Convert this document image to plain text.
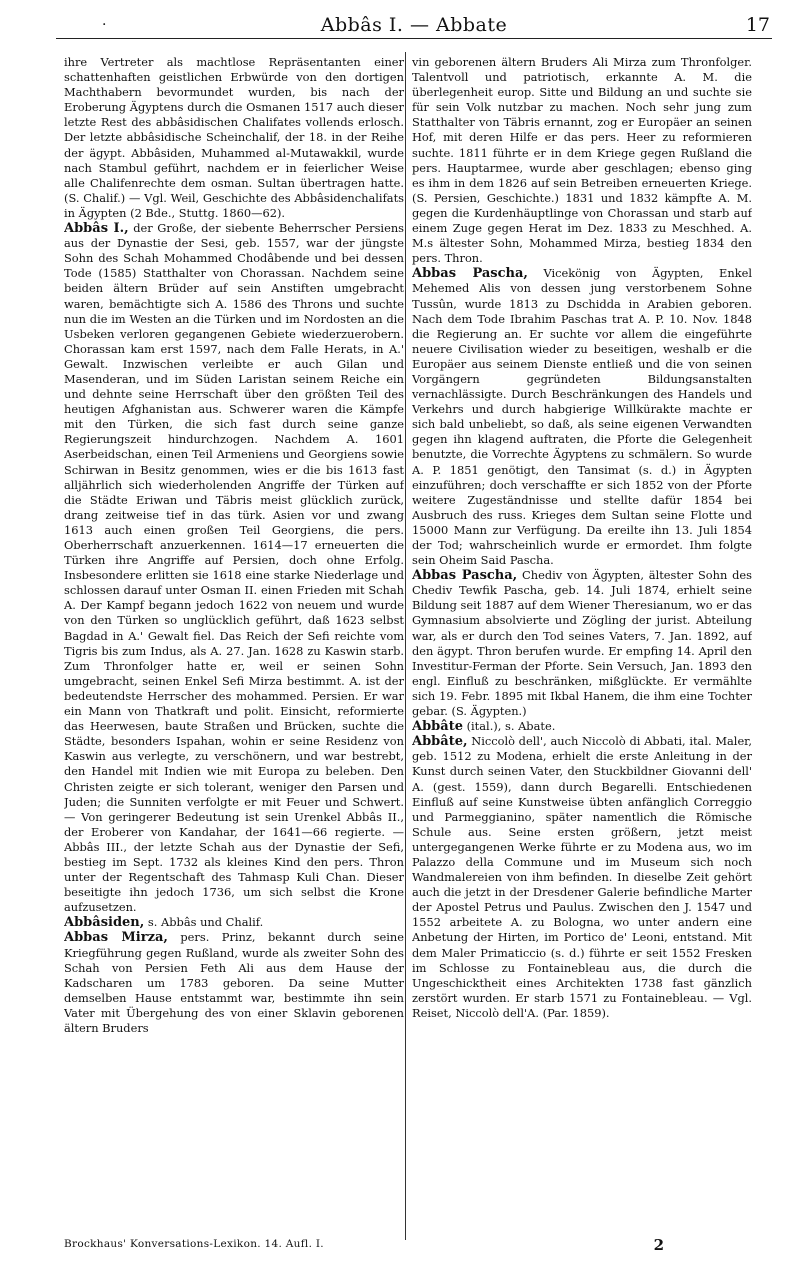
·	Abbâs I. — Abbate	17

ihre Vertreter als machtlose Repräsentanten einer schattenhaften geistlichen Erbwürde von den dortigen Machthabern bevormundet wurden, bis nach der Eroberung Ägyptens durch die Osmanen 1517 auch dieser letzte Rest des abbâsidischen Chalifates vollends erlosch. Der letzte abbâsidische Scheinchalif, der 18. in der Reihe der ägypt. Abbâsiden, Muhammed al-Mutawakkil, wurde nach Stambul geführt, nachdem er in feierlicher Weise alle Chalifenrechte dem osman. Sultan übertragen hatte. (S. Chalif.) — Vgl. Weil, Geschichte des Abbâsidenchalifats in Ägypten (2 Bde., Stuttg. 1860—62).

Abbâs I., der Große, der siebente Beherrscher Persiens aus der Dynastie der Sesi, geb. 1557, war der jüngste Sohn des Schah Mohammed Chodâbende und bei dessen Tode (1585) Statthalter von Chorassan. Nachdem seine beiden ältern Brüder auf sein Anstiften umgebracht waren, bemächtigte sich A. 1586 des Throns und suchte nun die im Westen an die Türken und im Nordosten an die Usbeken verloren gegangenen Gebiete wiederzuerobern. Chorassan kam erst 1597, nach dem Falle Herats, in A.' Gewalt. Inzwischen verleibte er auch Gilan und Masenderan, und im Süden Laristan seinem Reiche ein und dehnte seine Herrschaft über den größten Teil des heutigen Afghanistan aus. Schwerer waren die Kämpfe mit den Türken, die sich fast durch seine ganze Regierungszeit hindurchzogen. Nachdem A. 1601 Aserbeidschan, einen Teil Armeniens und Georgiens sowie Schirwan in Besitz genommen, wies er die bis 1613 fast alljährlich sich wiederholenden Angriffe der Türken auf die Städte Eriwan und Täbris meist glücklich zurück, drang zeitweise tief in das türk. Asien vor und zwang 1613 auch einen großen Teil Georgiens, die pers. Oberherrschaft anzuerkennen. 1614—17 erneuerten die Türken ihre Angriffe auf Persien, doch ohne Erfolg. Insbesondere erlitten sie 1618 eine starke Niederlage und schlossen darauf unter Osman II. einen Frieden mit Schah A. Der Kampf begann jedoch 1622 von neuem und wurde von den Türken so unglücklich geführt, daß 1623 selbst Bagdad in A.' Gewalt fiel. Das Reich der Sefi reichte vom Tigris bis zum Indus, als A. 27. Jan. 1628 zu Kaswin starb. Zum Thronfolger hatte er, weil er seinen Sohn umgebracht, seinen Enkel Sefi Mirza bestimmt. A. ist der bedeutendste Herrscher des mohammed. Persien. Er war ein Mann von Thatkraft und polit. Einsicht, reformierte das Heerwesen, baute Straßen und Brücken, suchte die Städte, besonders Ispahan, wohin er seine Residenz von Kaswin aus verlegte, zu verschönern, und war bestrebt, den Handel mit Indien wie mit Europa zu beleben. Den Christen zeigte er sich tolerant, weniger den Parsen und Juden; die Sunniten verfolgte er mit Feuer und Schwert. — Von geringerer Bedeutung ist sein Urenkel Abbâs II., der Eroberer von Kandahar, der 1641—66 regierte. — Abbâs III., der letzte Schah aus der Dynastie der Sefi, bestieg im Sept. 1732 als kleines Kind den pers. Thron unter der Regentschaft des Tahmasp Kuli Chan. Dieser beseitigte ihn jedoch 1736, um sich selbst die Krone aufzusetzen.

Abbâsiden, s. Abbâs und Chalif.

Abbas Mirza, pers. Prinz, bekannt durch seine Kriegführung gegen Rußland, wurde als zweiter Sohn des Schah von Persien Feth Ali aus dem Hause der Kadscharen um 1783 geboren. Da seine Mutter demselben Hause entstammt war, bestimmte ihn sein Vater mit Übergehung des von einer Sklavin geborenen ältern Bruders

vin geborenen ältern Bruders Ali Mirza zum Thronfolger. Talentvoll und patriotisch, erkannte A. M. die überlegenheit europ. Sitte und Bildung an und suchte sie für sein Volk nutzbar zu machen. Noch sehr jung zum Statthalter von Täbris ernannt, zog er Europäer an seinen Hof, mit deren Hilfe er das pers. Heer zu reformieren suchte. 1811 führte er in dem Kriege gegen Rußland die pers. Hauptarmee, wurde aber geschlagen; ebenso ging es ihm in dem 1826 auf sein Betreiben erneuerten Kriege. (S. Persien, Geschichte.) 1831 und 1832 kämpfte A. M. gegen die Kurdenhäuptlinge von Chorassan und starb auf einem Zuge gegen Herat im Dez. 1833 zu Meschhed. A. M.s ältester Sohn, Mohammed Mirza, bestieg 1834 den pers. Thron.

Abbas Pascha, Vicekönig von Ägypten, Enkel Mehemed Alis von dessen jung verstorbenem Sohne Tussûn, wurde 1813 zu Dschidda in Arabien geboren. Nach dem Tode Ibrahim Paschas trat A. P. 10. Nov. 1848 die Regierung an. Er suchte vor allem die eingeführte neuere Civilisation wieder zu beseitigen, weshalb er die Europäer aus seinem Dienste entließ und die von seinen Vorgängern gegründeten Bildungsanstalten vernachlässigte. Durch Beschränkungen des Handels und Verkehrs und durch habgierige Willkürakte machte er sich bald unbeliebt, so daß, als seine eigenen Verwandten gegen ihn klagend auftraten, die Pforte die Gelegenheit benutzte, die Vorrechte Ägyptens zu schmälern. So wurde A. P. 1851 genötigt, den Tansimat (s. d.) in Ägypten einzuführen; doch verschaffte er sich 1852 von der Pforte weitere Zugeständnisse und stellte dafür 1854 bei Ausbruch des russ. Krieges dem Sultan seine Flotte und 15000 Mann zur Verfügung. Da ereilte ihn 13. Juli 1854 der Tod; wahrscheinlich wurde er ermordet. Ihm folgte sein Oheim Said Pascha.

Abbas Pascha, Chediv von Ägypten, ältester Sohn des Chediv Tewfik Pascha, geb. 14. Juli 1874, erhielt seine Bildung seit 1887 auf dem Wiener Theresianum, wo er das Gymnasium absolvierte und Zögling der jurist. Abteilung war, als er durch den Tod seines Vaters, 7. Jan. 1892, auf den ägypt. Thron berufen wurde. Er empfing 14. April den Investitur-Ferman der Pforte. Sein Versuch, Jan. 1893 den engl. Einfluß zu beschränken, mißglückte. Er vermählte sich 19. Febr. 1895 mit Ikbal Hanem, die ihm eine Tochter gebar. (S. Ägypten.)

Abbâte (ital.), s. Abate.

Abbâte, Niccolò dell', auch Niccolò di Abbati, ital. Maler, geb. 1512 zu Modena, erhielt die erste Anleitung in der Kunst durch seinen Vater, den Stuckbildner Giovanni dell' A. (gest. 1559), dann durch Begarelli. Entschiedenen Einfluß auf seine Kunstweise übten anfänglich Correggio und Parmeggianino, später namentlich die Römische Schule aus. Seine ersten größern, jetzt meist untergegangenen Werke führte er zu Modena aus, wo im Palazzo della Commune und im Museum sich noch Wandmalereien von ihm befinden. In dieselbe Zeit gehört auch die jetzt in der Dresdener Galerie befindliche Marter der Apostel Petrus und Paulus. Zwischen den J. 1547 und 1552 arbeitete A. zu Bologna, wo unter andern eine Anbetung der Hirten, im Portico de' Leoni, entstand. Mit dem Maler Primaticcio (s. d.) führte er seit 1552 Fresken im Schlosse zu Fontainebleau aus, die durch die Ungeschicktheit eines Architekten 1738 fast gänzlich zerstört wurden. Er starb 1571 zu Fontainebleau. — Vgl. Reiset, Niccolò dell'A. (Par. 1859).

Brockhaus' Konversations-Lexikon. 14. Aufl. I.	2
